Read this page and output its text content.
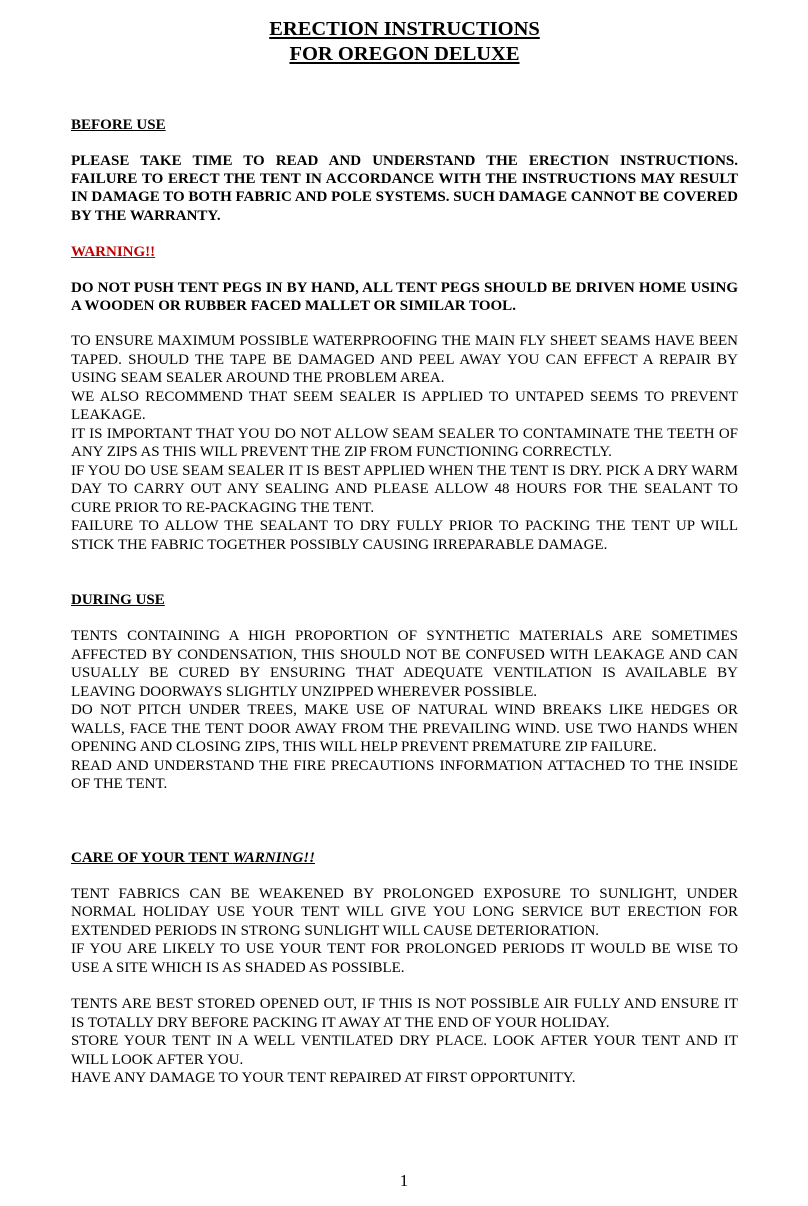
ERECTION INSTRUCTIONS

FOR OREGON DELUXE

BEFORE USE

PLEASE TAKE TIME TO READ AND UNDERSTAND THE ERECTION INSTRUCTIONS. FAILURE TO ERECT THE TENT IN ACCORDANCE WITH THE INSTRUCTIONS MAY RESULT IN DAMAGE TO BOTH FABRIC AND POLE SYSTEMS. SUCH DAMAGE CANNOT BE COVERED BY THE WARRANTY.

WARNING!!

DO NOT PUSH TENT PEGS IN BY HAND, ALL TENT PEGS SHOULD BE DRIVEN HOME USING A WOODEN OR RUBBER FACED MALLET OR SIMILAR TOOL.

TO ENSURE MAXIMUM POSSIBLE WATERPROOFING THE MAIN FLY SHEET SEAMS HAVE BEEN TAPED. SHOULD THE TAPE BE DAMAGED AND PEEL AWAY YOU CAN EFFECT A REPAIR BY USING SEAM SEALER AROUND THE PROBLEM AREA.
WE ALSO RECOMMEND THAT SEEM SEALER IS APPLIED TO UNTAPED SEEMS TO PREVENT LEAKAGE.
IT IS IMPORTANT THAT YOU DO NOT ALLOW SEAM SEALER TO CONTAMINATE THE TEETH OF ANY ZIPS AS THIS WILL PREVENT THE ZIP FROM FUNCTIONING CORRECTLY.
IF YOU DO USE SEAM SEALER IT IS BEST APPLIED WHEN THE TENT IS DRY. PICK A DRY WARM DAY TO CARRY OUT ANY SEALING AND PLEASE ALLOW 48 HOURS FOR THE SEALANT TO CURE PRIOR TO RE-PACKAGING THE TENT.
FAILURE TO ALLOW THE SEALANT TO DRY FULLY PRIOR TO PACKING THE TENT UP WILL STICK THE FABRIC TOGETHER POSSIBLY CAUSING IRREPARABLE DAMAGE.

DURING USE

TENTS CONTAINING A HIGH PROPORTION OF SYNTHETIC MATERIALS ARE SOMETIMES AFFECTED BY CONDENSATION, THIS SHOULD NOT BE CONFUSED WITH LEAKAGE AND CAN USUALLY BE CURED BY ENSURING THAT ADEQUATE VENTILATION IS AVAILABLE BY LEAVING DOORWAYS SLIGHTLY UNZIPPED WHEREVER POSSIBLE.
DO NOT PITCH UNDER TREES, MAKE USE OF NATURAL WIND BREAKS LIKE HEDGES OR WALLS, FACE THE TENT DOOR AWAY FROM THE PREVAILING WIND. USE TWO HANDS WHEN OPENING AND CLOSING ZIPS, THIS WILL HELP PREVENT PREMATURE ZIP FAILURE.
READ AND UNDERSTAND THE FIRE PRECAUTIONS INFORMATION ATTACHED TO THE INSIDE OF THE TENT.

CARE OF YOUR TENT WARNING!!

TENT FABRICS CAN BE WEAKENED BY PROLONGED EXPOSURE TO SUNLIGHT, UNDER NORMAL HOLIDAY USE YOUR TENT WILL GIVE YOU LONG SERVICE BUT ERECTION FOR EXTENDED PERIODS IN STRONG SUNLIGHT WILL CAUSE DETERIORATION.
IF YOU ARE LIKELY TO USE YOUR TENT FOR PROLONGED PERIODS IT WOULD BE WISE TO USE A SITE WHICH IS AS SHADED AS POSSIBLE.
TENTS ARE BEST STORED OPENED OUT, IF THIS IS NOT POSSIBLE AIR FULLY AND ENSURE IT IS TOTALLY DRY BEFORE PACKING IT AWAY AT THE END OF YOUR HOLIDAY.
STORE YOUR TENT IN A WELL VENTILATED DRY PLACE. LOOK AFTER YOUR TENT AND IT WILL LOOK AFTER YOU.
HAVE ANY DAMAGE TO YOUR TENT REPAIRED AT FIRST OPPORTUNITY.
1
